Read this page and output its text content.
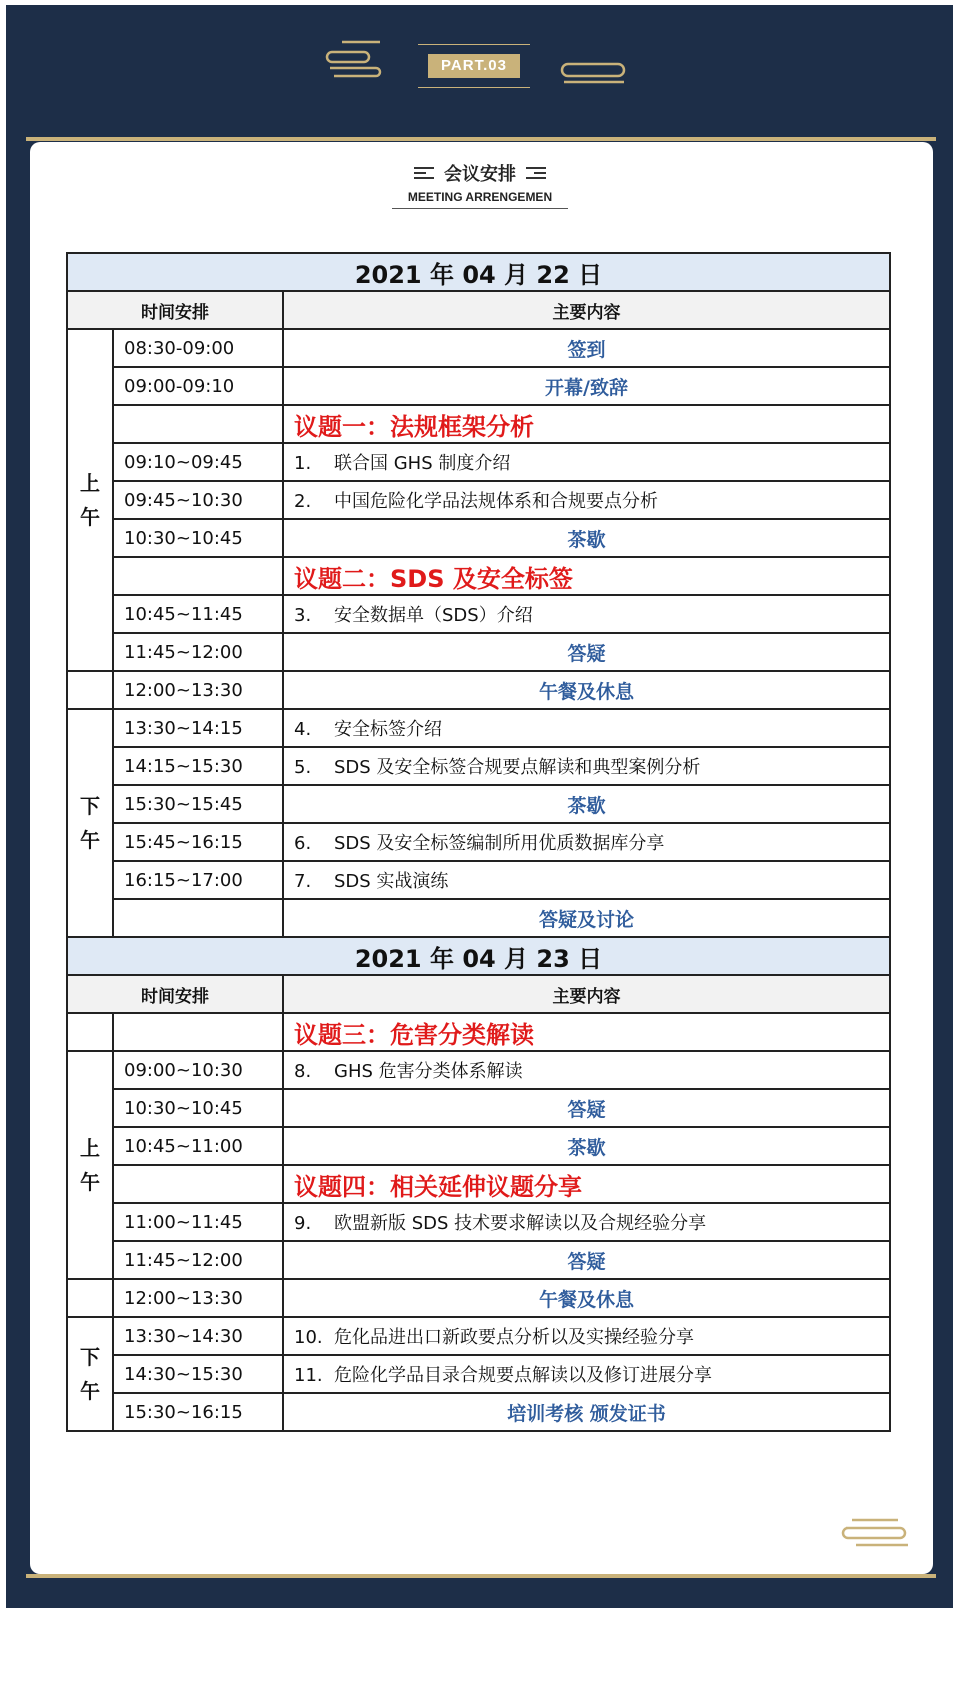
PART.03
会议安排

MEETING ARRENGEMEN
2021 年 04 月 22 日		
时间安排		主要内容
上
午	08:30-09:00	签到
	09:00-09:10	开幕/致辞
		议题一：法规框架分析
	09:10~09:45	1. 联合国 GHS 制度介绍
	09:45~10:30	2. 中国危险化学品法规体系和合规要点分析
	10:30~10:45	茶歇
		议题二：SDS 及安全标签
	10:45~11:45	3. 安全数据单（SDS）介绍
	11:45~12:00	答疑
	12:00~13:30	午餐及休息
下
午	13:30~14:15	4. 安全标签介绍
	14:15~15:30	5. SDS 及安全标签合规要点解读和典型案例分析
	15:30~15:45	茶歇
	15:45~16:15	6. SDS 及安全标签编制所用优质数据库分享
	16:15~17:00	7. SDS 实战演练
		答疑及讨论
2021 年 04 月 23 日		
时间安排		主要内容
		议题三：危害分类解读
上
午	09:00~10:30	8. GHS 危害分类体系解读
	10:30~10:45	答疑
	10:45~11:00	茶歇
		议题四：相关延伸议题分享
	11:00~11:45	9. 欧盟新版 SDS 技术要求解读以及合规经验分享
	11:45~12:00	答疑
	12:00~13:30	午餐及休息
下
午	13:30~14:30	10. 危化品进出口新政要点分析以及实操经验分享
	14:30~15:30	11. 危险化学品目录合规要点解读以及修订进展分享
	15:30~16:15	培训考核 颁发证书
